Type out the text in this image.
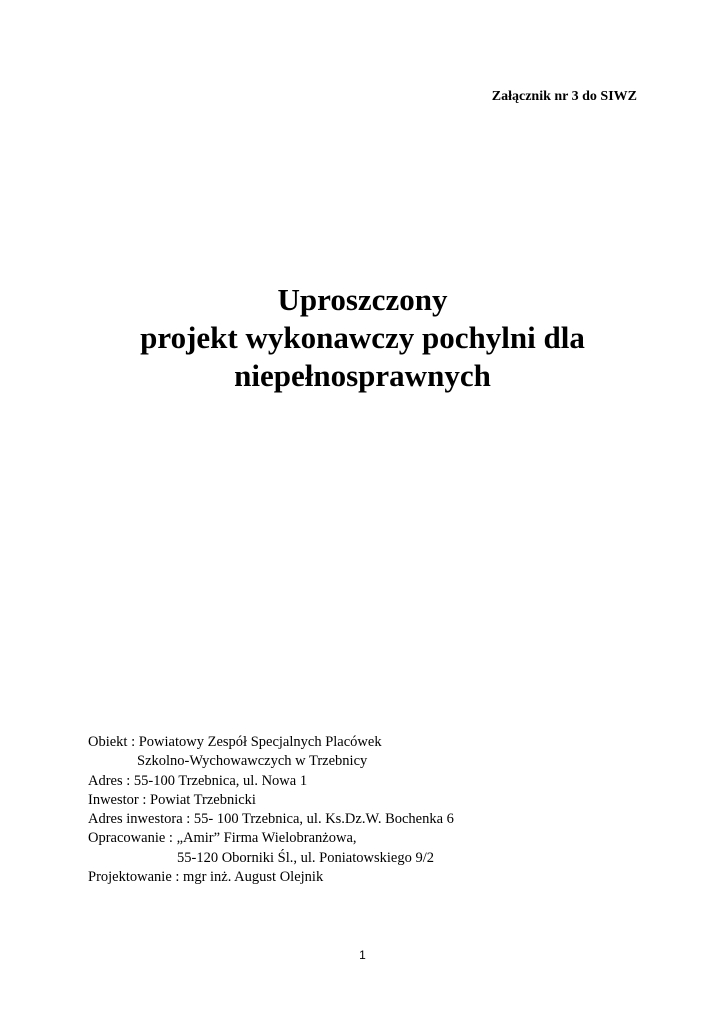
Załącznik nr 3 do SIWZ
Uproszczony
projekt wykonawczy pochylni dla
niepełnosprawnych
Obiekt : Powiatowy Zespół Specjalnych Placówek
Szkolno-Wychowawczych w Trzebnicy
Adres : 55-100 Trzebnica, ul. Nowa 1
Inwestor : Powiat Trzebnicki
Adres inwestora : 55- 100 Trzebnica, ul. Ks.Dz.W. Bochenka 6
Opracowanie : „Amir” Firma Wielobranżowa,
55-120 Oborniki Śl., ul. Poniatowskiego 9/2
Projektowanie : mgr inż. August Olejnik
1
